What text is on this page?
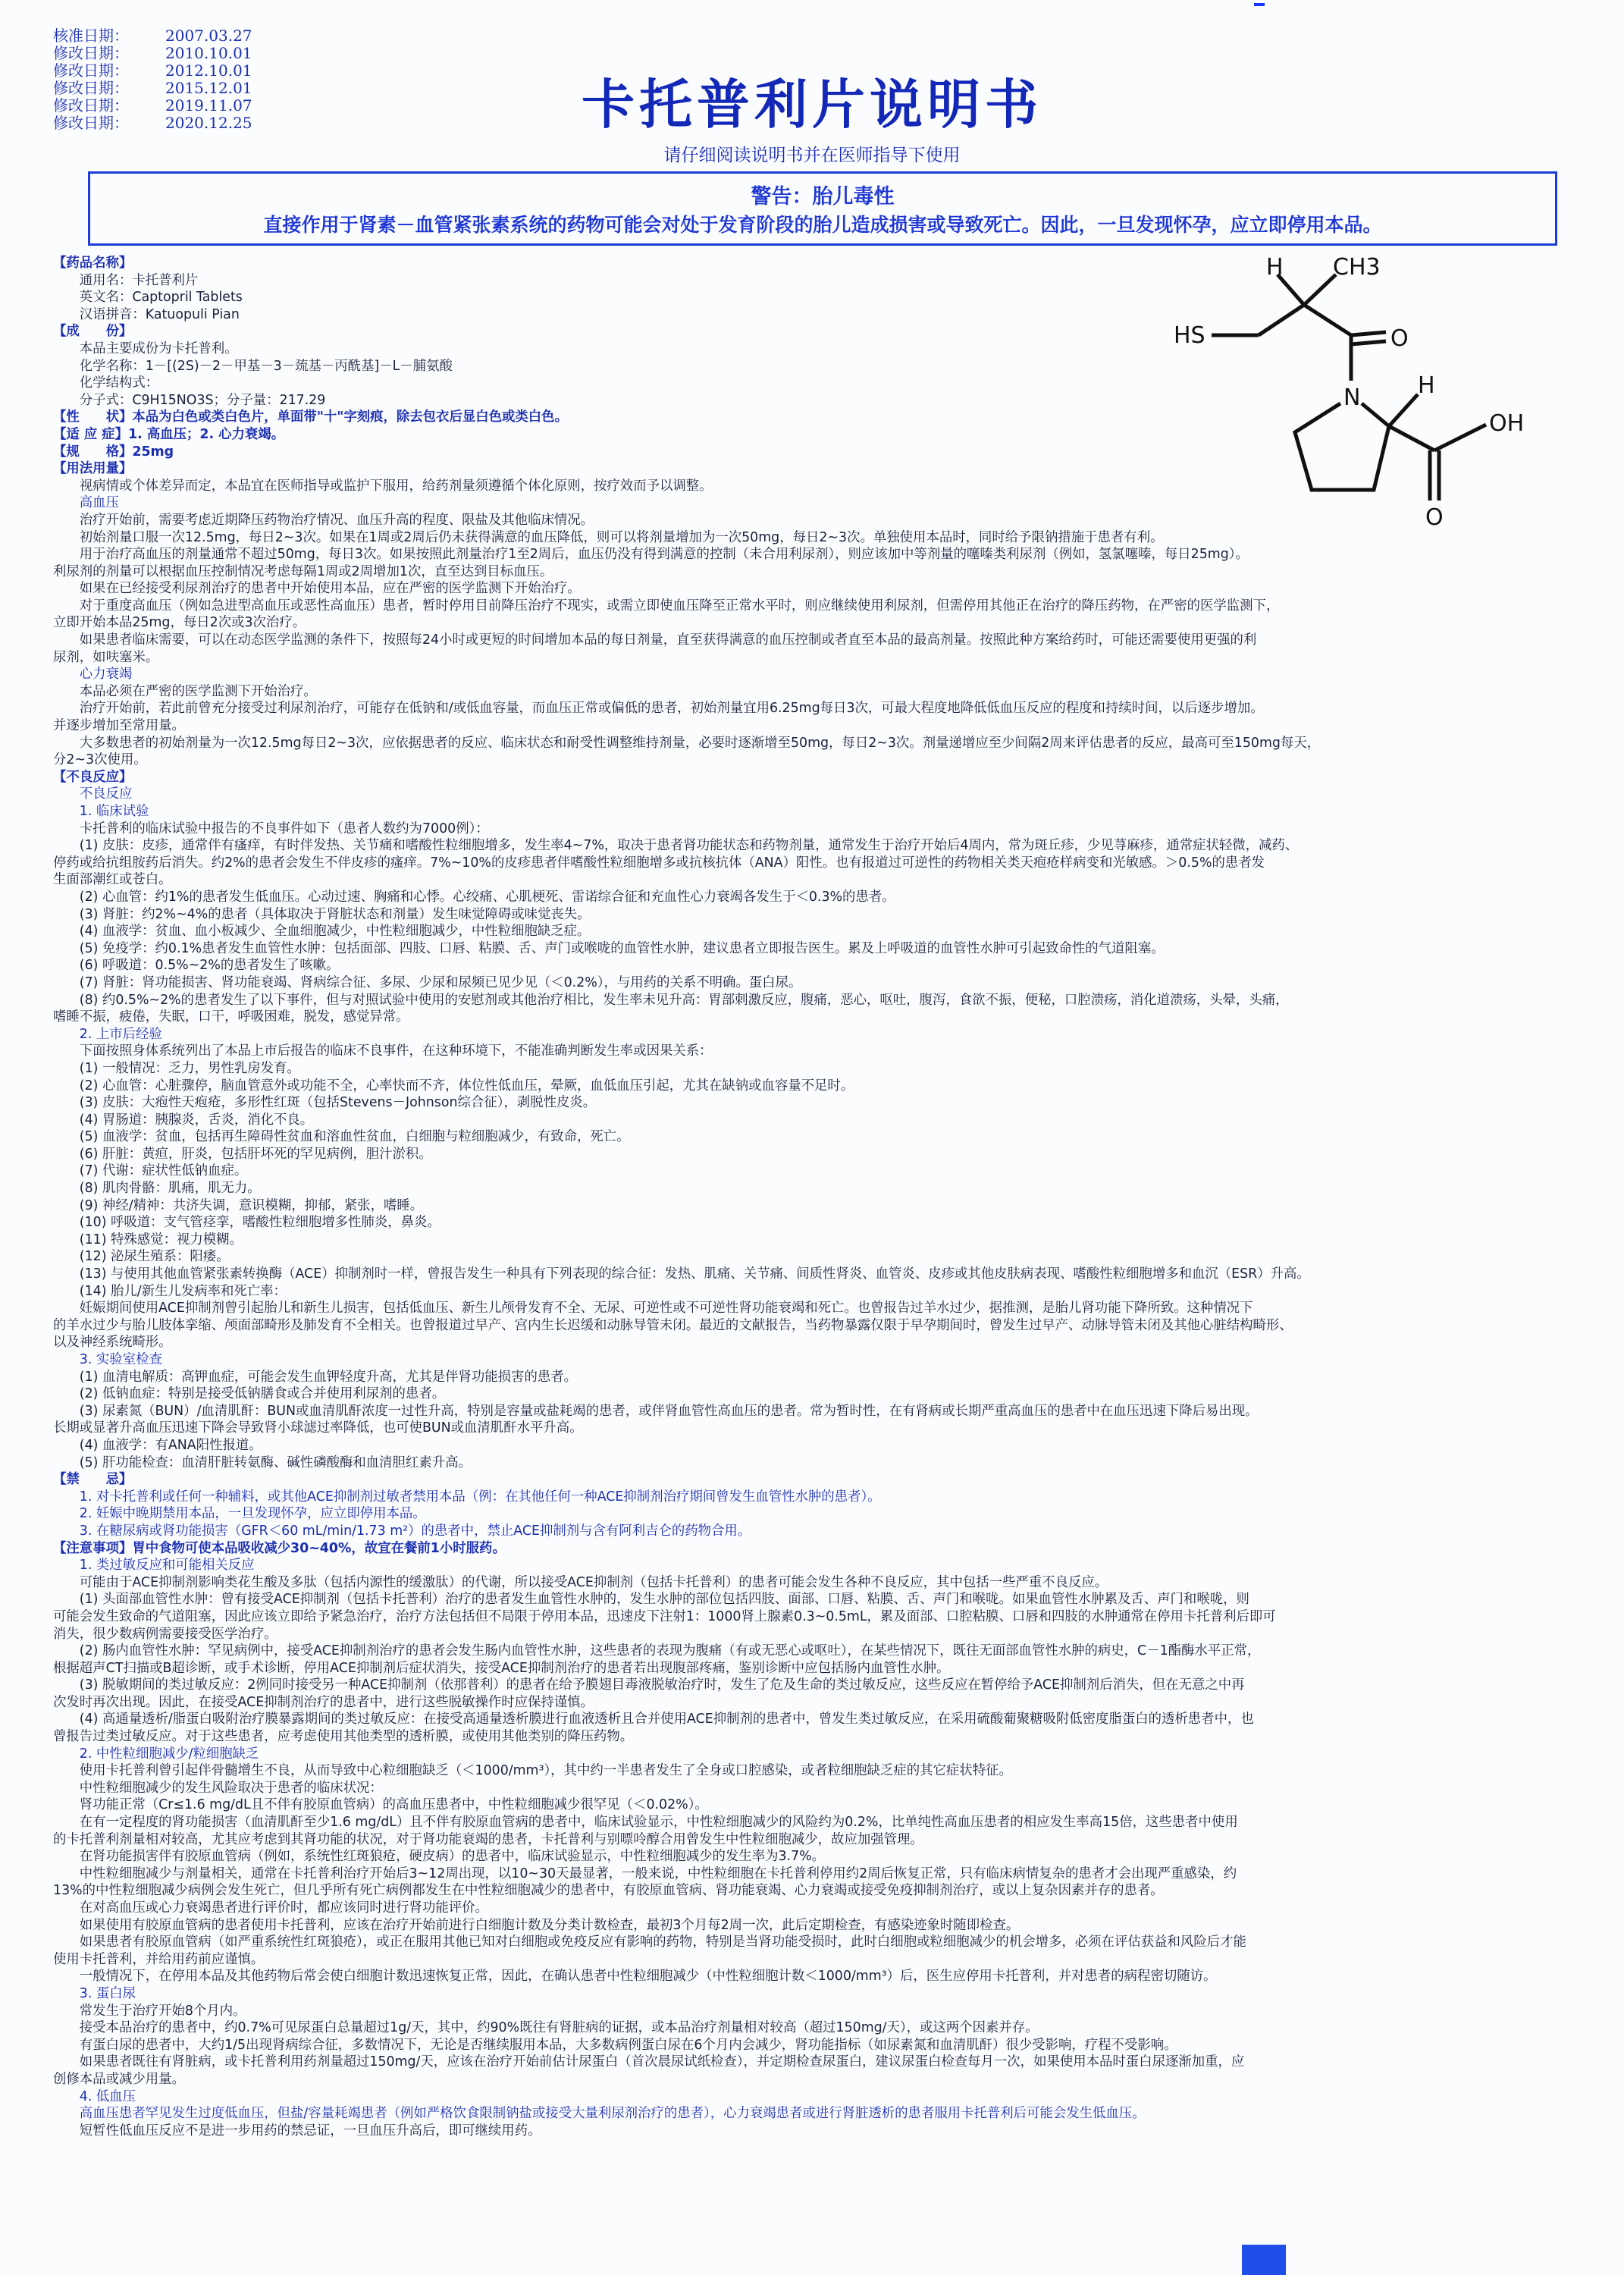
核准日期：	2007.03.27
修改日期：	2010.10.01
修改日期：	2012.10.01
修改日期：	2015.12.01
修改日期：	2019.11.07
修改日期：	2020.12.25	卡托普利片说明书
请仔细阅读说明书并在医师指导下使用
警告：胎儿毒性
直接作用于肾素－血管紧张素系统的药物可能会对处于发育阶段的胎儿造成损害或导致死亡。因此，一旦发现怀孕，应立即停用本品。
HS
H CH3
O
N	H
OH
O

【药品名称】

　　通用名：卡托普利片

　　英文名：Captopril Tablets

　　汉语拼音：Katuopuli Pian

【成　　份】

　　本品主要成份为卡托普利。

　　化学名称：1－[(2S)－2－甲基－3－巯基－丙酰基]－L－脯氨酸

　　化学结构式：

　　分子式：C9H15NO3S；分子量：217.29

【性　　状】本品为白色或类白色片，单面带"十"字刻痕，除去包衣后显白色或类白色。

【适 应 症】1. 高血压；2. 心力衰竭。

【规　　格】25mg

【用法用量】

　　视病情或个体差异而定，本品宜在医师指导或监护下服用，给药剂量须遵循个体化原则，按疗效而予以调整。

　　高血压

　　治疗开始前，需要考虑近期降压药物治疗情况、血压升高的程度、限盐及其他临床情况。

　　初始剂量口服一次12.5mg，每日2~3次。如果在1周或2周后仍未获得满意的血压降低，则可以将剂量增加为一次50mg，每日2~3次。单独使用本品时，同时给予限钠措施于患者有利。

　　用于治疗高血压的剂量通常不超过50mg，每日3次。如果按照此剂量治疗1至2周后，血压仍没有得到满意的控制（未合用利尿剂），则应该加中等剂量的噻嗪类利尿剂（例如，氢氯噻嗪，每日25mg）。

利尿剂的剂量可以根据血压控制情况考虑每隔1周或2周增加1次，直至达到目标血压。

　　如果在已经接受利尿剂治疗的患者中开始使用本品，应在严密的医学监测下开始治疗。

　　对于重度高血压（例如急进型高血压或恶性高血压）患者，暂时停用目前降压治疗不现实，或需立即使血压降至正常水平时，则应继续使用利尿剂，但需停用其他正在治疗的降压药物，在严密的医学监测下，

立即开始本品25mg，每日2次或3次治疗。

　　如果患者临床需要，可以在动态医学监测的条件下，按照每24小时或更短的时间增加本品的每日剂量，直至获得满意的血压控制或者直至本品的最高剂量。按照此种方案给药时，可能还需要使用更强的利

尿剂，如呋塞米。

　　心力衰竭

　　本品必须在严密的医学监测下开始治疗。

　　治疗开始前，若此前曾充分接受过利尿剂治疗，可能存在低钠和/或低血容量，而血压正常或偏低的患者，初始剂量宜用6.25mg每日3次，可最大程度地降低低血压反应的程度和持续时间，以后逐步增加。

并逐步增加至常用量。

　　大多数患者的初始剂量为一次12.5mg每日2~3次，应依据患者的反应、临床状态和耐受性调整维持剂量，必要时逐渐增至50mg，每日2~3次。剂量递增应至少间隔2周来评估患者的反应，最高可至150mg每天，

分2~3次使用。

【不良反应】

　　不良反应

　　1. 临床试验

　　卡托普利的临床试验中报告的不良事件如下（患者人数约为7000例）：

　　(1) 皮肤：皮疹，通常伴有瘙痒，有时伴发热、关节痛和嗜酸性粒细胞增多，发生率4~7%，取决于患者肾功能状态和药物剂量，通常发生于治疗开始后4周内，常为斑丘疹，少见荨麻疹，通常症状轻微，减药、

停药或给抗组胺药后消失。约2%的患者会发生不伴皮疹的瘙痒。7%~10%的皮疹患者伴嗜酸性粒细胞增多或抗核抗体（ANA）阳性。也有报道过可逆性的药物相关类天疱疮样病变和光敏感。＞0.5%的患者发

生面部潮红或苍白。

　　(2) 心血管：约1%的患者发生低血压。心动过速、胸痛和心悸。心绞痛、心肌梗死、雷诺综合征和充血性心力衰竭各发生于＜0.3%的患者。

　　(3) 肾脏：约2%~4%的患者（具体取决于肾脏状态和剂量）发生味觉障碍或味觉丧失。

　　(4) 血液学：贫血、血小板减少、全血细胞减少，中性粒细胞减少，中性粒细胞缺乏症。

　　(5) 免疫学：约0.1%患者发生血管性水肿：包括面部、四肢、口唇、粘膜、舌、声门或喉咙的血管性水肿，建议患者立即报告医生。累及上呼吸道的血管性水肿可引起致命性的气道阻塞。

　　(6) 呼吸道：0.5%~2%的患者发生了咳嗽。

　　(7) 肾脏：肾功能损害、肾功能衰竭、肾病综合征、多尿、少尿和尿频已见少见（＜0.2%），与用药的关系不明确。蛋白尿。

　　(8) 约0.5%~2%的患者发生了以下事件，但与对照试验中使用的安慰剂或其他治疗相比，发生率未见升高：胃部刺激反应，腹痛，恶心，呕吐，腹泻，食欲不振，便秘，口腔溃疡，消化道溃疡，头晕，头痛，

嗜睡不振，疲倦，失眠，口干，呼吸困难，脱发，感觉异常。

　　2. 上市后经验

　　下面按照身体系统列出了本品上市后报告的临床不良事件，在这种环境下，不能准确判断发生率或因果关系：

　　(1) 一般情况：乏力，男性乳房发育。

　　(2) 心血管：心脏骤停，脑血管意外或功能不全，心率快而不齐，体位性低血压，晕厥，血低血压引起，尤其在缺钠或血容量不足时。

　　(3) 皮肤：大疱性天疱疮，多形性红斑（包括Stevens－Johnson综合征），剥脱性皮炎。

　　(4) 胃肠道：胰腺炎，舌炎，消化不良。

　　(5) 血液学：贫血，包括再生障碍性贫血和溶血性贫血，白细胞与粒细胞减少，有致命，死亡。

　　(6) 肝脏：黄疸，肝炎，包括肝坏死的罕见病例，胆汁淤积。

　　(7) 代谢：症状性低钠血症。

　　(8) 肌肉骨骼：肌痛，肌无力。

　　(9) 神经/精神：共济失调，意识模糊，抑郁，紧张，嗜睡。

　　(10) 呼吸道：支气管痉挛，嗜酸性粒细胞增多性肺炎，鼻炎。

　　(11) 特殊感觉：视力模糊。

　　(12) 泌尿生殖系：阳痿。

　　(13) 与使用其他血管紧张素转换酶（ACE）抑制剂时一样，曾报告发生一种具有下列表现的综合征：发热、肌痛、关节痛、间质性肾炎、血管炎、皮疹或其他皮肤病表现、嗜酸性粒细胞增多和血沉（ESR）升高。

　　(14) 胎儿/新生儿发病率和死亡率：

　　妊娠期间使用ACE抑制剂曾引起胎儿和新生儿损害，包括低血压、新生儿颅骨发育不全、无尿、可逆性或不可逆性肾功能衰竭和死亡。也曾报告过羊水过少，据推测，是胎儿肾功能下降所致。这种情况下

的羊水过少与胎儿肢体挛缩、颅面部畸形及肺发育不全相关。也曾报道过早产、宫内生长迟缓和动脉导管未闭。最近的文献报告，当药物暴露仅限于早孕期间时，曾发生过早产、动脉导管未闭及其他心脏结构畸形、

以及神经系统畸形。

　　3. 实验室检查

　　(1) 血清电解质：高钾血症，可能会发生血钾轻度升高，尤其是伴肾功能损害的患者。

　　(2) 低钠血症：特别是接受低钠膳食或合并使用利尿剂的患者。

　　(3) 尿素氮（BUN）/血清肌酐：BUN或血清肌酐浓度一过性升高，特别是容量或盐耗竭的患者，或伴肾血管性高血压的患者。常为暂时性，在有肾病或长期严重高血压的患者中在血压迅速下降后易出现。

长期或显著升高血压迅速下降会导致肾小球滤过率降低，也可使BUN或血清肌酐水平升高。

　　(4) 血液学：有ANA阳性报道。

　　(5) 肝功能检查：血清肝脏转氨酶、碱性磷酸酶和血清胆红素升高。

【禁　　忌】

　　1. 对卡托普利或任何一种辅料，或其他ACE抑制剂过敏者禁用本品（例：在其他任何一种ACE抑制剂治疗期间曾发生血管性水肿的患者）。

　　2. 妊娠中晚期禁用本品，一旦发现怀孕，应立即停用本品。

　　3. 在糖尿病或肾功能损害（GFR＜60 mL/min/1.73 m²）的患者中，禁止ACE抑制剂与含有阿利吉仑的药物合用。

【注意事项】胃中食物可使本品吸收减少30~40%，故宜在餐前1小时服药。

　　1. 类过敏反应和可能相关反应

　　可能由于ACE抑制剂影响类花生酸及多肽（包括内源性的缓激肽）的代谢，所以接受ACE抑制剂（包括卡托普利）的患者可能会发生各种不良反应，其中包括一些严重不良反应。

　　(1) 头面部血管性水肿：曾有接受ACE抑制剂（包括卡托普利）治疗的患者发生血管性水肿的，发生水肿的部位包括四肢、面部、口唇、粘膜、舌、声门和喉咙。如果血管性水肿累及舌、声门和喉咙，则

可能会发生致命的气道阻塞，因此应该立即给予紧急治疗，治疗方法包括但不局限于停用本品，迅速皮下注射1：1000肾上腺素0.3~0.5mL，累及面部、口腔粘膜、口唇和四肢的水肿通常在停用卡托普利后即可

消失，很少数病例需要接受医学治疗。

　　(2) 肠内血管性水肿：罕见病例中，接受ACE抑制剂治疗的患者会发生肠内血管性水肿，这些患者的表现为腹痛（有或无恶心或呕吐），在某些情况下，既往无面部血管性水肿的病史，C－1酯酶水平正常，

根据超声CT扫描或B超诊断，或手术诊断，停用ACE抑制剂后症状消失，接受ACE抑制剂治疗的患者若出现腹部疼痛，鉴别诊断中应包括肠内血管性水肿。

　　(3) 脱敏期间的类过敏反应：2例同时接受另一种ACE抑制剂（依那普利）的患者在给予膜翅目毒液脱敏治疗时，发生了危及生命的类过敏反应，这些反应在暂停给予ACE抑制剂后消失，但在无意之中再

次发时再次出现。因此，在接受ACE抑制剂治疗的患者中，进行这些脱敏操作时应保持谨慎。

　　(4) 高通量透析/脂蛋白吸附治疗膜暴露期间的类过敏反应：在接受高通量透析膜进行血液透析且合并使用ACE抑制剂的患者中，曾发生类过敏反应，在采用硫酸葡聚糖吸附低密度脂蛋白的透析患者中，也

曾报告过类过敏反应。对于这些患者，应考虑使用其他类型的透析膜，或使用其他类别的降压药物。

　　2. 中性粒细胞减少/粒细胞缺乏

　　使用卡托普利曾引起伴骨髓增生不良，从而导致中心粒细胞缺乏（＜1000/mm³），其中约一半患者发生了全身或口腔感染，或者粒细胞缺乏症的其它症状特征。

　　中性粒细胞减少的发生风险取决于患者的临床状况：

　　肾功能正常（Cr≤1.6 mg/dL且不伴有胶原血管病）的高血压患者中，中性粒细胞减少很罕见（＜0.02%）。

　　在有一定程度的肾功能损害（血清肌酐至少1.6 mg/dL）且不伴有胶原血管病的患者中，临床试验显示，中性粒细胞减少的风险约为0.2%，比单纯性高血压患者的相应发生率高15倍，这些患者中使用

的卡托普利剂量相对较高，尤其应考虑到其肾功能的状况，对于肾功能衰竭的患者，卡托普利与别嘌呤醇合用曾发生中性粒细胞减少，故应加强管理。

　　在肾功能损害伴有胶原血管病（例如，系统性红斑狼疮，硬皮病）的患者中，临床试验显示，中性粒细胞减少的发生率为3.7%。

　　中性粒细胞减少与剂量相关，通常在卡托普利治疗开始后3~12周出现，以10~30天最显著，一般来说，中性粒细胞在卡托普利停用约2周后恢复正常，只有临床病情复杂的患者才会出现严重感染，约

13%的中性粒细胞减少病例会发生死亡，但几乎所有死亡病例都发生在中性粒细胞减少的患者中，有胶原血管病、肾功能衰竭、心力衰竭或接受免疫抑制剂治疗，或以上复杂因素并存的患者。

　　在对高血压或心力衰竭患者进行评价时，都应该同时进行肾功能评价。

　　如果使用有胶原血管病的患者使用卡托普利，应该在治疗开始前进行白细胞计数及分类计数检查，最初3个月每2周一次，此后定期检查，有感染迹象时随即检查。

　　如果患者有胶原血管病（如严重系统性红斑狼疮），或正在服用其他已知对白细胞或免疫反应有影响的药物，特别是当肾功能受损时，此时白细胞或粒细胞减少的机会增多，必须在评估获益和风险后才能

使用卡托普利，并给用药前应谨慎。

　　一般情况下，在停用本品及其他药物后常会使白细胞计数迅速恢复正常，因此，在确认患者中性粒细胞减少（中性粒细胞计数＜1000/mm³）后，医生应停用卡托普利，并对患者的病程密切随访。

　　3. 蛋白尿

　　常发生于治疗开始8个月内。

　　接受本品治疗的患者中，约0.7%可见尿蛋白总量超过1g/天，其中，约90%既往有肾脏病的证据，或本品治疗剂量相对较高（超过150mg/天），或这两个因素并存。

　　有蛋白尿的患者中，大约1/5出现肾病综合征，多数情况下，无论是否继续服用本品，大多数病例蛋白尿在6个月内会减少，肾功能指标（如尿素氮和血清肌酐）很少受影响，疗程不受影响。

　　如果患者既往有肾脏病，或卡托普利用药剂量超过150mg/天，应该在治疗开始前估计尿蛋白（首次晨尿试纸检查），并定期检查尿蛋白，建议尿蛋白检查每月一次，如果使用本品时蛋白尿逐渐加重，应

创修本品或减少用量。

　　4. 低血压

　　高血压患者罕见发生过度低血压，但盐/容量耗竭患者（例如严格饮食限制钠盐或接受大量利尿剂治疗的患者），心力衰竭患者或进行肾脏透析的患者服用卡托普利后可能会发生低血压。

　　短暂性低血压反应不是进一步用药的禁忌证，一旦血压升高后，即可继续用药。
